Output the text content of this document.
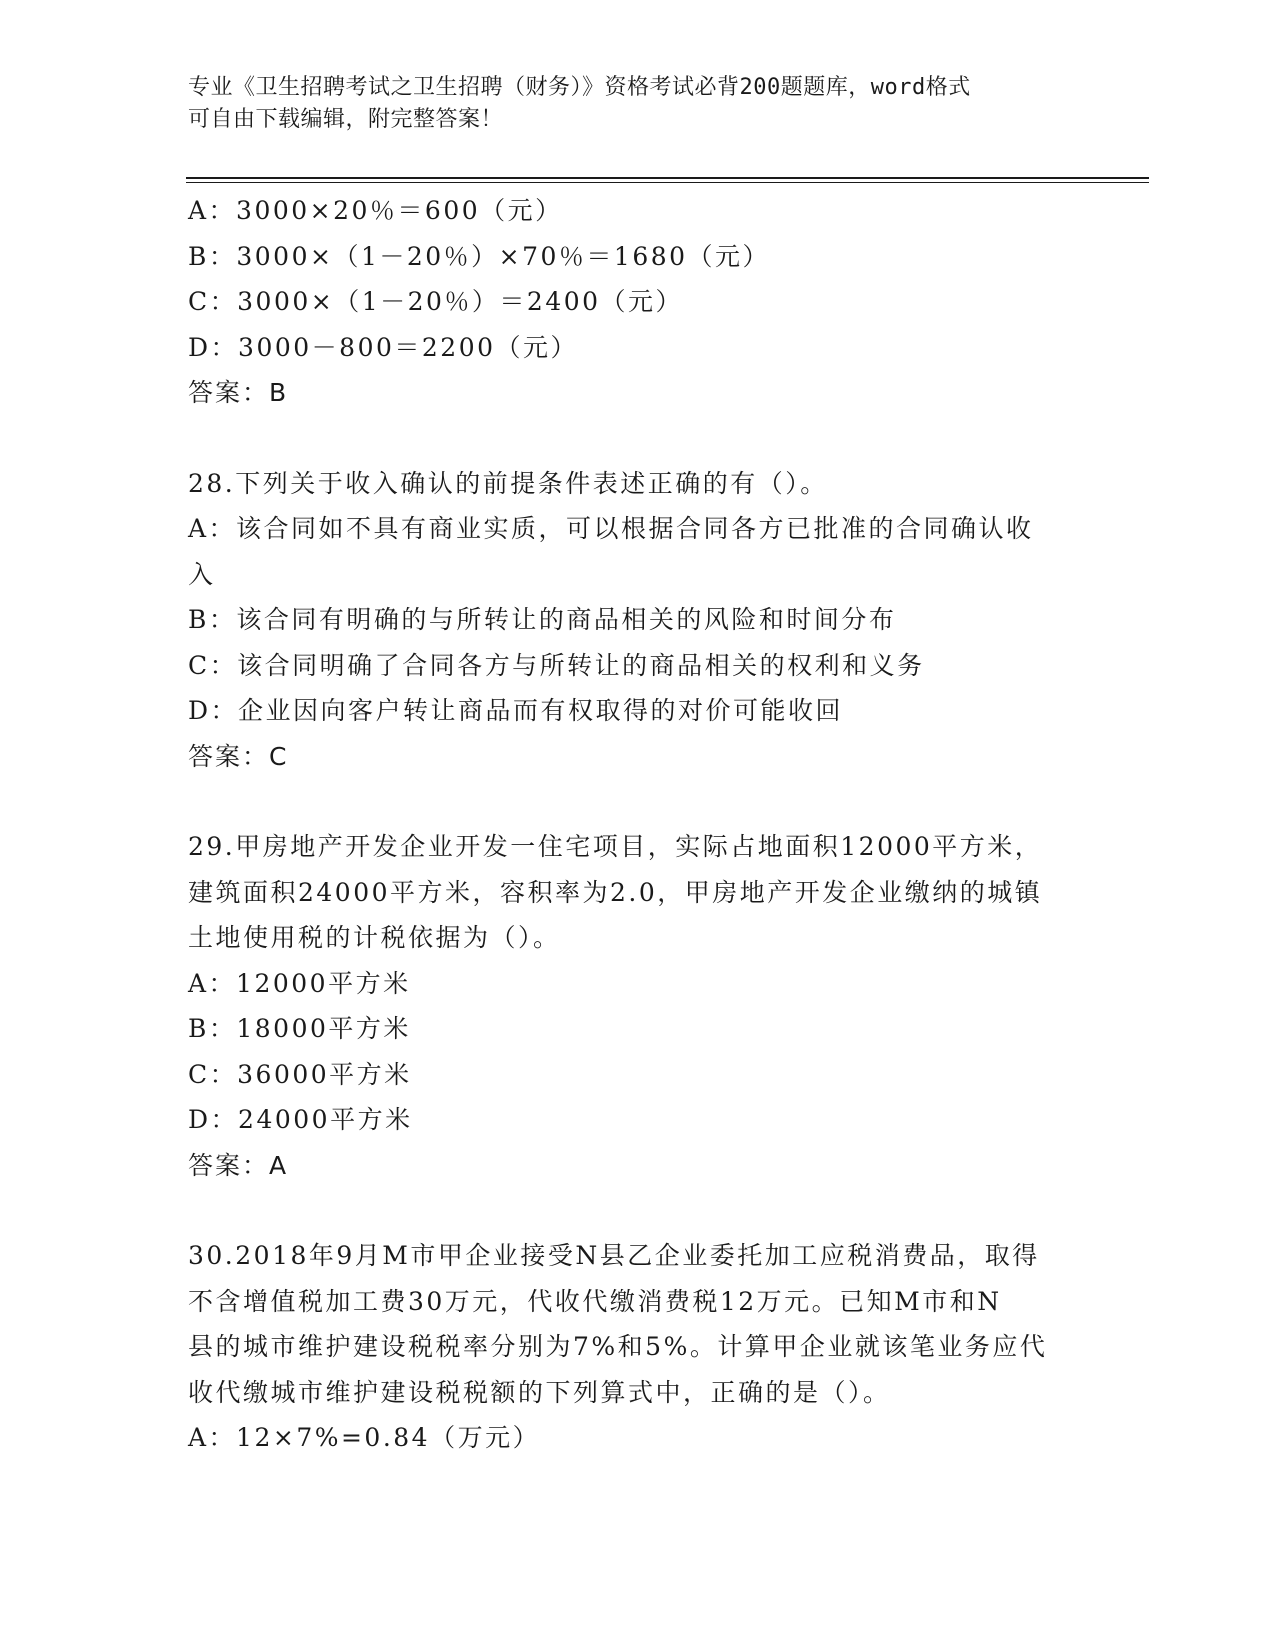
专业《卫生招聘考试之卫生招聘（财务）》资格考试必背200题题库，word格式
可自由下载编辑，附完整答案！
A：3000×20％＝600（元）
B：3000×（1－20％）×70％＝1680（元）
C：3000×（1－20％）＝2400（元）
D：3000－800＝2200（元）
答案：B
28.下列关于收入确认的前提条件表述正确的有（）。
A：该合同如不具有商业实质，可以根据合同各方已批准的合同确认收
入
B：该合同有明确的与所转让的商品相关的风险和时间分布
C：该合同明确了合同各方与所转让的商品相关的权利和义务
D：企业因向客户转让商品而有权取得的对价可能收回
答案：C
29.甲房地产开发企业开发一住宅项目，实际占地面积12000平方米，
建筑面积24000平方米，容积率为2.0，甲房地产开发企业缴纳的城镇
土地使用税的计税依据为（）。
A：12000平方米
B：18000平方米
C：36000平方米
D：24000平方米
答案：A
30.2018年9月M市甲企业接受N县乙企业委托加工应税消费品，取得
不含增值税加工费30万元，代收代缴消费税12万元。已知M市和N
县的城市维护建设税税率分别为7%和5%。计算甲企业就该笔业务应代
收代缴城市维护建设税税额的下列算式中，正确的是（）。
A：12×7%=0.84（万元）
